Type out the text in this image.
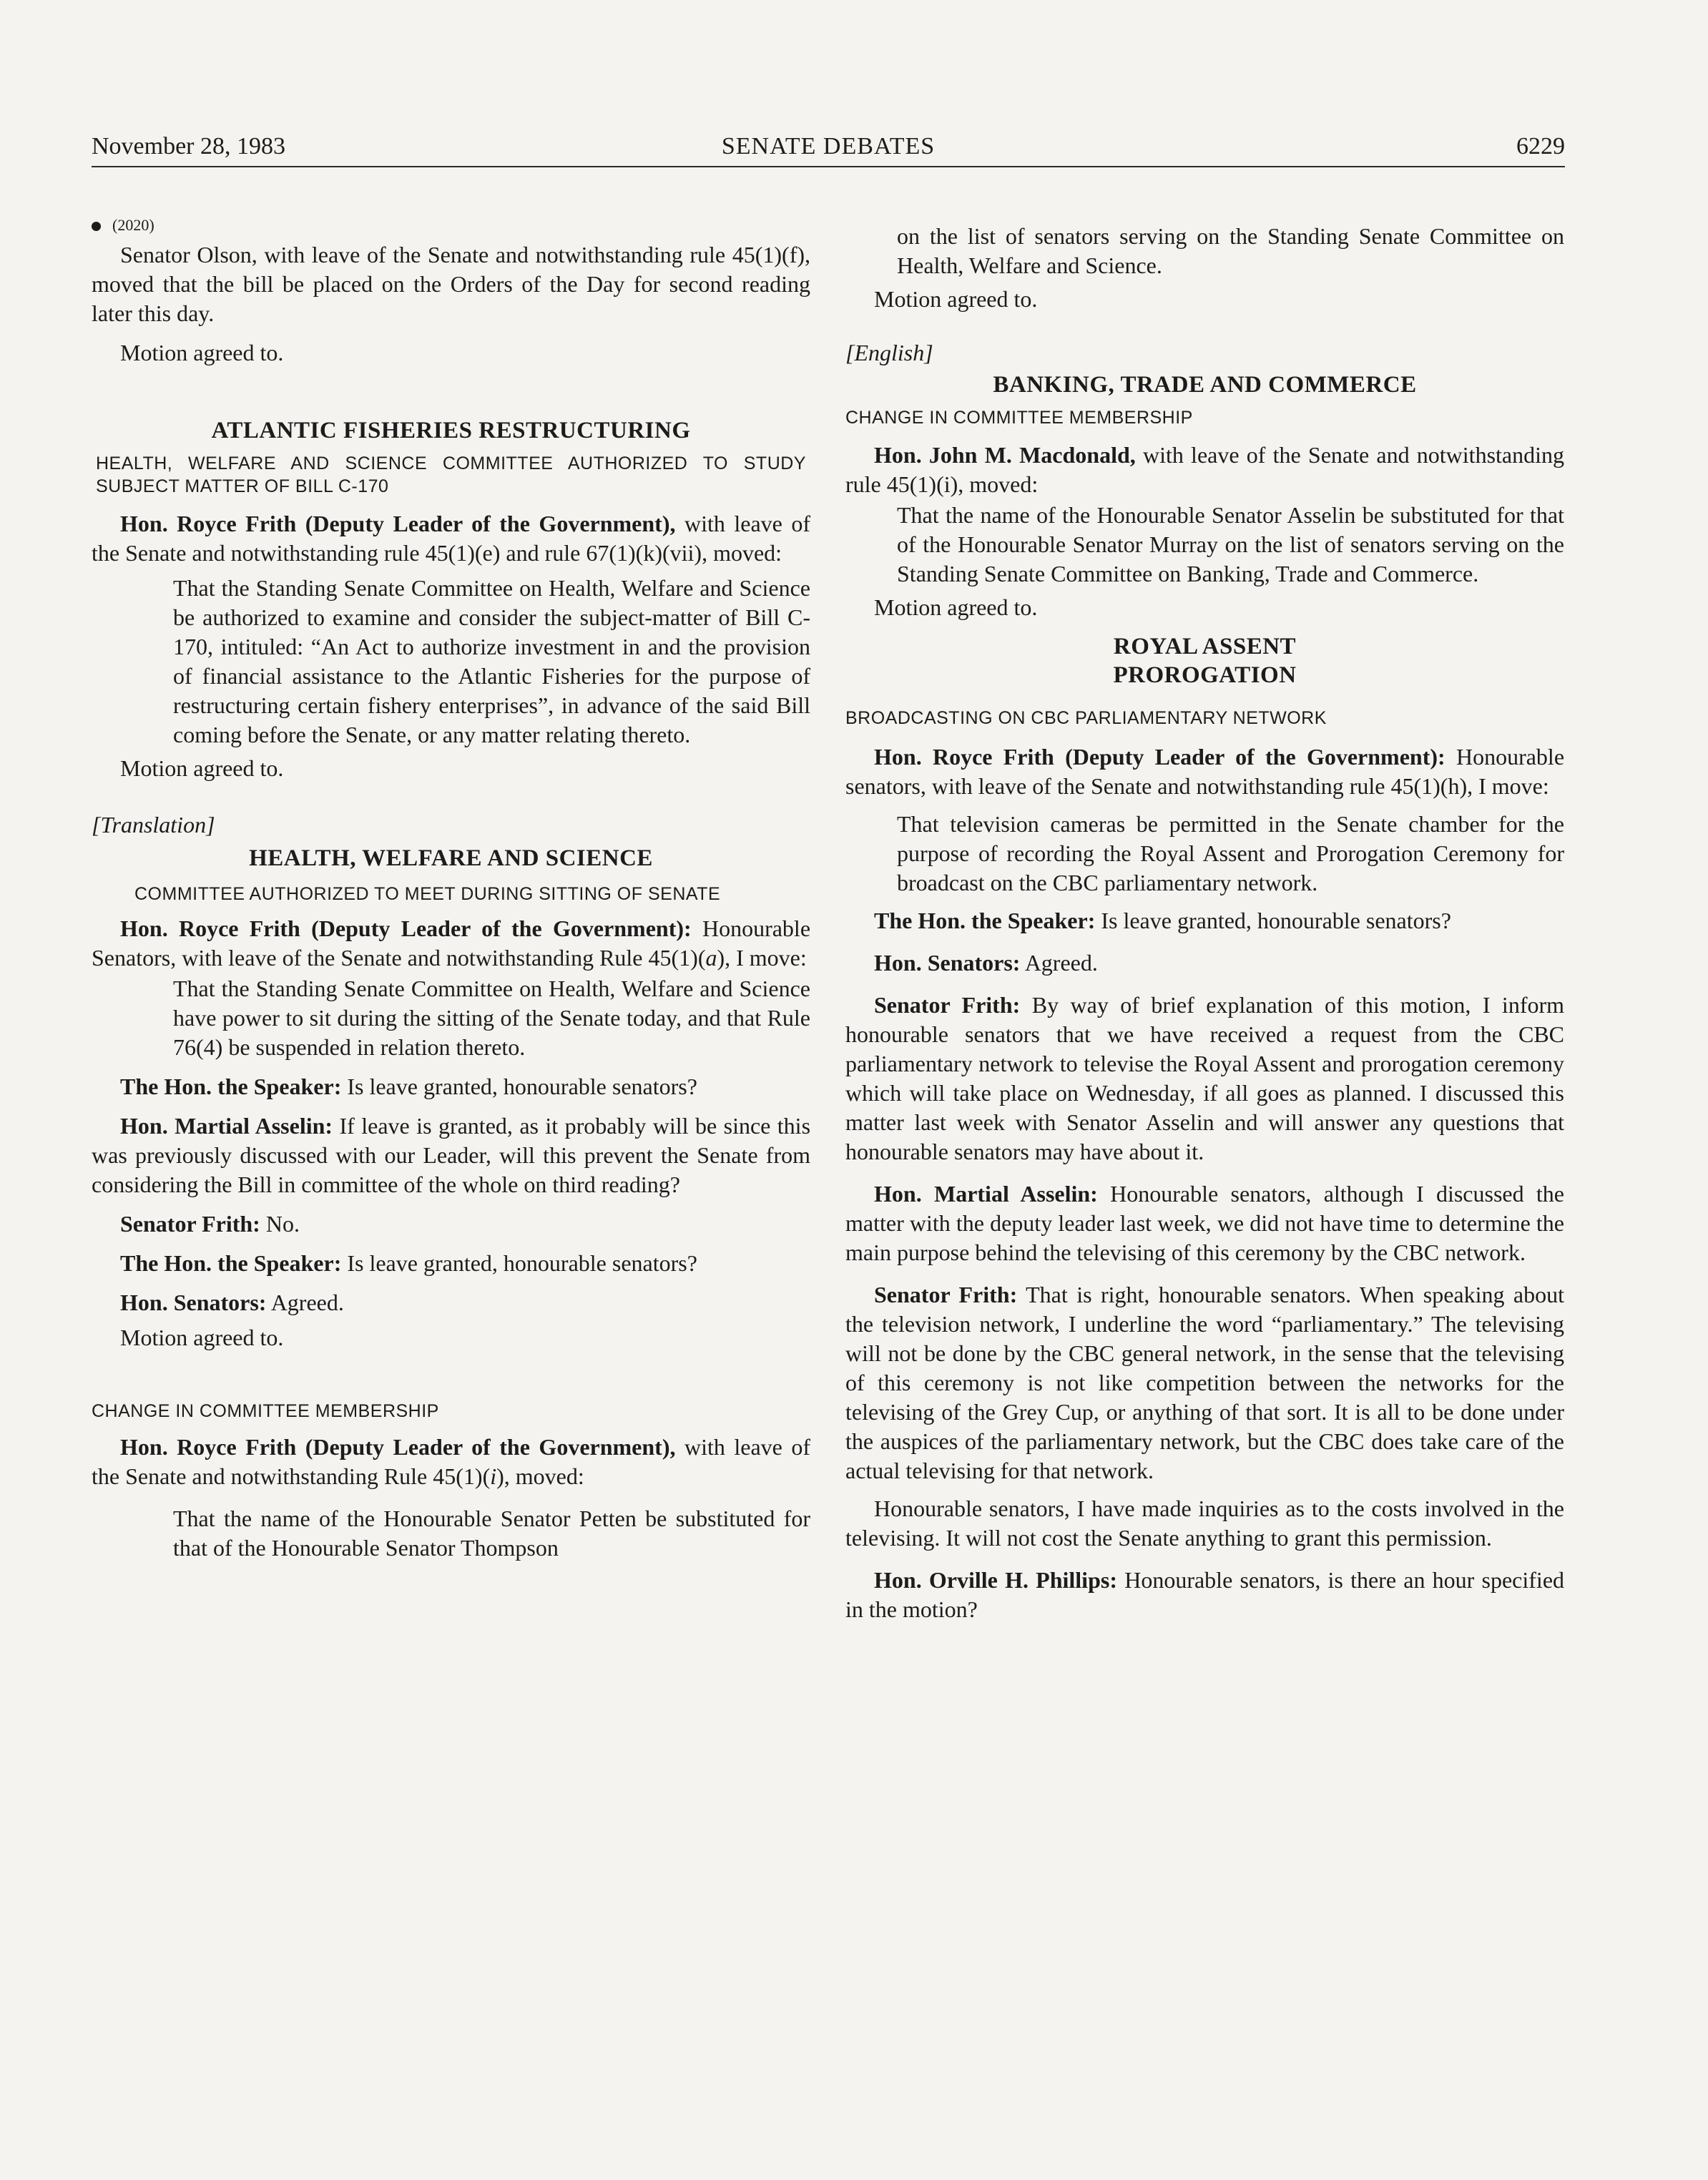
November 28, 1983	SENATE DEBATES	6229

(2020)

Senator Olson, with leave of the Senate and notwithstanding rule 45(1)(f), moved that the bill be placed on the Orders of the Day for second reading later this day.

Motion agreed to.

ATLANTIC FISHERIES RESTRUCTURING

HEALTH, WELFARE AND SCIENCE COMMITTEE AUTHORIZED TO STUDY SUBJECT MATTER OF BILL C-170

Hon. Royce Frith (Deputy Leader of the Government), with leave of the Senate and notwithstanding rule 45(1)(e) and rule 67(1)(k)(vii), moved:

That the Standing Senate Committee on Health, Welfare and Science be authorized to examine and consider the subject-matter of Bill C-170, intituled: “An Act to authorize investment in and the provision of financial assistance to the Atlantic Fisheries for the purpose of restructuring certain fishery enterprises”, in advance of the said Bill coming before the Senate, or any matter relating thereto.

Motion agreed to.

[Translation]

HEALTH, WELFARE AND SCIENCE

COMMITTEE AUTHORIZED TO MEET DURING SITTING OF SENATE

Hon. Royce Frith (Deputy Leader of the Government): Honourable Senators, with leave of the Senate and notwithstanding Rule 45(1)(a), I move:

That the Standing Senate Committee on Health, Welfare and Science have power to sit during the sitting of the Senate today, and that Rule 76(4) be suspended in relation thereto.

The Hon. the Speaker: Is leave granted, honourable senators?

Hon. Martial Asselin: If leave is granted, as it probably will be since this was previously discussed with our Leader, will this prevent the Senate from considering the Bill in committee of the whole on third reading?

Senator Frith: No.

The Hon. the Speaker: Is leave granted, honourable senators?

Hon. Senators: Agreed.

Motion agreed to.

CHANGE IN COMMITTEE MEMBERSHIP

Hon. Royce Frith (Deputy Leader of the Government), with leave of the Senate and notwithstanding Rule 45(1)(i), moved:

That the name of the Honourable Senator Petten be substituted for that of the Honourable Senator Thompson

on the list of senators serving on the Standing Senate Committee on Health, Welfare and Science.

Motion agreed to.

[English]

BANKING, TRADE AND COMMERCE

CHANGE IN COMMITTEE MEMBERSHIP

Hon. John M. Macdonald, with leave of the Senate and notwithstanding rule 45(1)(i), moved:

That the name of the Honourable Senator Asselin be substituted for that of the Honourable Senator Murray on the list of senators serving on the Standing Senate Committee on Banking, Trade and Commerce.

Motion agreed to.

ROYAL ASSENT
PROROGATION

BROADCASTING ON CBC PARLIAMENTARY NETWORK

Hon. Royce Frith (Deputy Leader of the Government): Honourable senators, with leave of the Senate and notwithstanding rule 45(1)(h), I move:

That television cameras be permitted in the Senate chamber for the purpose of recording the Royal Assent and Prorogation Ceremony for broadcast on the CBC parliamentary network.

The Hon. the Speaker: Is leave granted, honourable senators?

Hon. Senators: Agreed.

Senator Frith: By way of brief explanation of this motion, I inform honourable senators that we have received a request from the CBC parliamentary network to televise the Royal Assent and prorogation ceremony which will take place on Wednesday, if all goes as planned. I discussed this matter last week with Senator Asselin and will answer any questions that honourable senators may have about it.

Hon. Martial Asselin: Honourable senators, although I discussed the matter with the deputy leader last week, we did not have time to determine the main purpose behind the televising of this ceremony by the CBC network.

Senator Frith: That is right, honourable senators. When speaking about the television network, I underline the word “parliamentary.” The televising will not be done by the CBC general network, in the sense that the televising of this ceremony is not like competition between the networks for the televising of the Grey Cup, or anything of that sort. It is all to be done under the auspices of the parliamentary network, but the CBC does take care of the actual televising for that network.

Honourable senators, I have made inquiries as to the costs involved in the televising. It will not cost the Senate anything to grant this permission.

Hon. Orville H. Phillips: Honourable senators, is there an hour specified in the motion?
